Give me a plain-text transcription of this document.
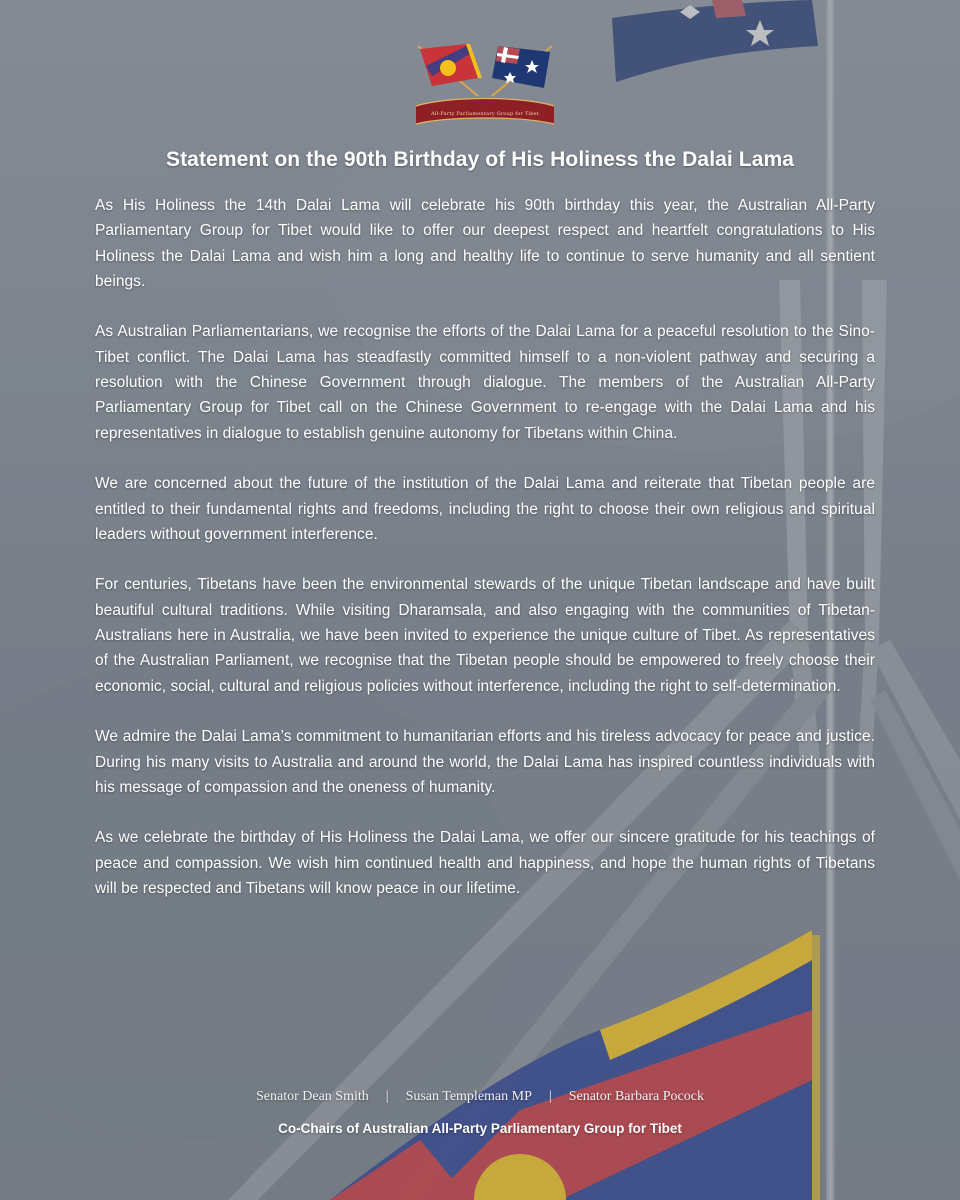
All-Party Parliamentary Group for Tibet
Statement on the 90th Birthday of His Holiness the Dalai Lama

As His Holiness the 14th Dalai Lama will celebrate his 90th birthday this year, the Australian All-Party Parliamentary Group for Tibet would like to offer our deepest respect and heartfelt congratulations to His Holiness the Dalai Lama and wish him a long and healthy life to continue to serve humanity and all sentient beings.

As Australian Parliamentarians, we recognise the efforts of the Dalai Lama for a peaceful resolution to the Sino-Tibet conflict. The Dalai Lama has steadfastly committed himself to a non-violent pathway and securing a resolution with the Chinese Government through dialogue. The members of the Australian All-Party Parliamentary Group for Tibet call on the Chinese Government to re-engage with the Dalai Lama and his representatives in dialogue to establish genuine autonomy for Tibetans within China.

We are concerned about the future of the institution of the Dalai Lama and reiterate that Tibetan people are entitled to their fundamental rights and freedoms, including the right to choose their own religious and spiritual leaders without government interference.

For centuries, Tibetans have been the environmental stewards of the unique Tibetan landscape and have built beautiful cultural traditions. While visiting Dharamsala, and also engaging with the communities of Tibetan-Australians here in Australia, we have been invited to experience the unique culture of Tibet. As representatives of the Australian Parliament, we recognise that the Tibetan people should be empowered to freely choose their economic, social, cultural and religious policies without interference, including the right to self-determination.

We admire the Dalai Lama’s commitment to humanitarian efforts and his tireless advocacy for peace and justice. During his many visits to Australia and around the world, the Dalai Lama has inspired countless individuals with his message of compassion and the oneness of humanity.

As we celebrate the birthday of His Holiness the Dalai Lama, we offer our sincere gratitude for his teachings of peace and compassion. We wish him continued health and happiness, and hope the human rights of Tibetans will be respected and Tibetans will know peace in our lifetime.

Senator Dean Smith | Susan Templeman MP | Senator Barbara Pocock
Co-Chairs of Australian All-Party Parliamentary Group for Tibet
